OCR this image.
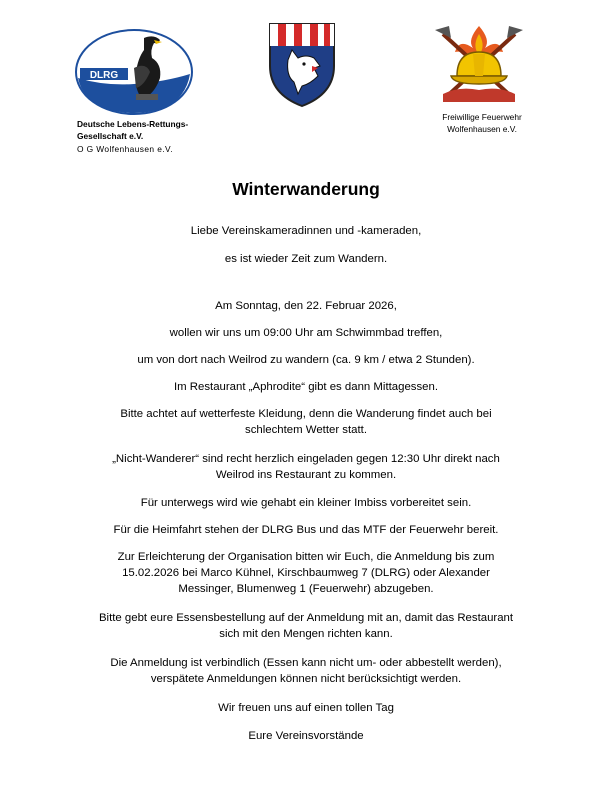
DLRG
Deutsche Lebens-Rettungs-
Gesellschaft e.V.
O G Wolfenhausen e.V.
Freiwillige Feuerwehr
Wolfenhausen e.V.
Winterwanderung
Liebe Vereinskameradinnen und -kameraden,
es ist wieder Zeit zum Wandern.
Am Sonntag, den 22. Februar 2026,
wollen wir uns um 09:00 Uhr am Schwimmbad treffen,
um von dort nach Weilrod zu wandern (ca. 9 km / etwa 2 Stunden).
Im Restaurant „Aphrodite“ gibt es dann Mittagessen.
Bitte achtet auf wetterfeste Kleidung, denn die Wanderung findet auch bei
schlechtem Wetter statt.
„Nicht-Wanderer“ sind recht herzlich eingeladen gegen 12:30 Uhr direkt nach
Weilrod ins Restaurant zu kommen.
Für unterwegs wird wie gehabt ein kleiner Imbiss vorbereitet sein.
Für die Heimfahrt stehen der DLRG Bus und das MTF der Feuerwehr bereit.
Zur Erleichterung der Organisation bitten wir Euch, die Anmeldung bis zum
15.02.2026 bei Marco Kühnel, Kirschbaumweg 7 (DLRG) oder Alexander
Messinger, Blumenweg 1 (Feuerwehr) abzugeben.
Bitte gebt eure Essensbestellung auf der Anmeldung mit an, damit das Restaurant
sich mit den Mengen richten kann.
Die Anmeldung ist verbindlich (Essen kann nicht um- oder abbestellt werden),
verspätete Anmeldungen können nicht berücksichtigt werden.
Wir freuen uns auf einen tollen Tag
Eure Vereinsvorstände
